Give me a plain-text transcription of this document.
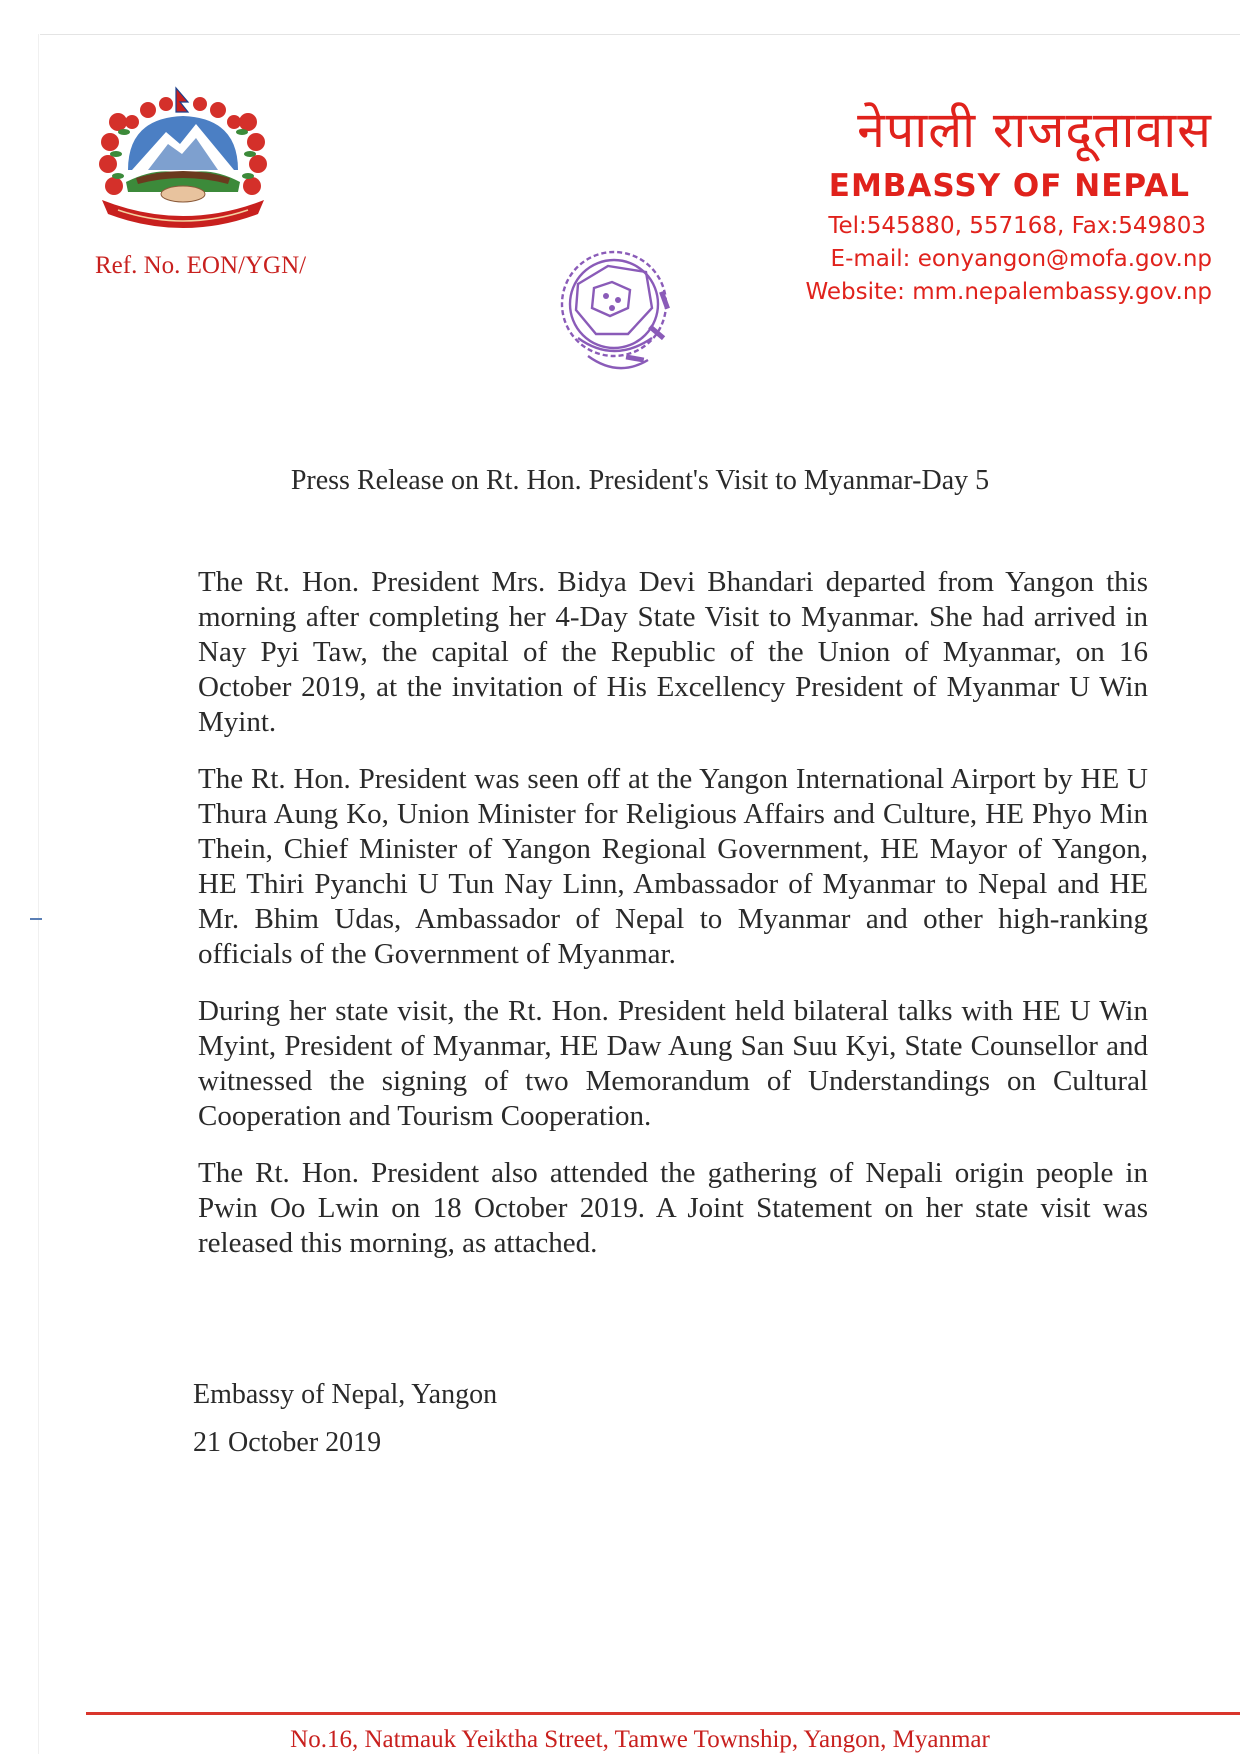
Ref. No. EON/YGN/
नेपाली राजदूतावास
EMBASSY OF NEPAL
Tel:545880, 557168, Fax:549803
E-mail: eonyangon@mofa.gov.np
Website: mm.nepalembassy.gov.np
Press Release on Rt. Hon. President's Visit to Myanmar-Day 5

The Rt. Hon. President Mrs. Bidya Devi Bhandari departed from Yangon this morning after completing her 4-Day State Visit to Myanmar. She had arrived in Nay Pyi Taw, the capital of the Republic of the Union of Myanmar, on 16 October 2019, at the invitation of His Excellency President of Myanmar U Win Myint.

The Rt. Hon. President was seen off at the Yangon International Airport by HE U Thura Aung Ko, Union Minister for Religious Affairs and Culture, HE Phyo Min Thein, Chief Minister of Yangon Regional Government, HE Mayor of Yangon, HE Thiri Pyanchi U Tun Nay Linn, Ambassador of Myanmar to Nepal and HE Mr. Bhim Udas, Ambassador of Nepal to Myanmar and other high-ranking officials of the Government of Myanmar.

During her state visit, the Rt. Hon. President held bilateral talks with HE U Win Myint, President of Myanmar, HE Daw Aung San Suu Kyi, State Counsellor and witnessed the signing of two Memorandum of Understandings on Cultural Cooperation and Tourism Cooperation.

The Rt. Hon. President also attended the gathering of Nepali origin people in Pwin Oo Lwin on 18 October 2019. A Joint Statement on her state visit was released this morning, as attached.

Embassy of Nepal, Yangon
21 October 2019
No.16, Natmauk Yeiktha Street, Tamwe Township, Yangon, Myanmar
